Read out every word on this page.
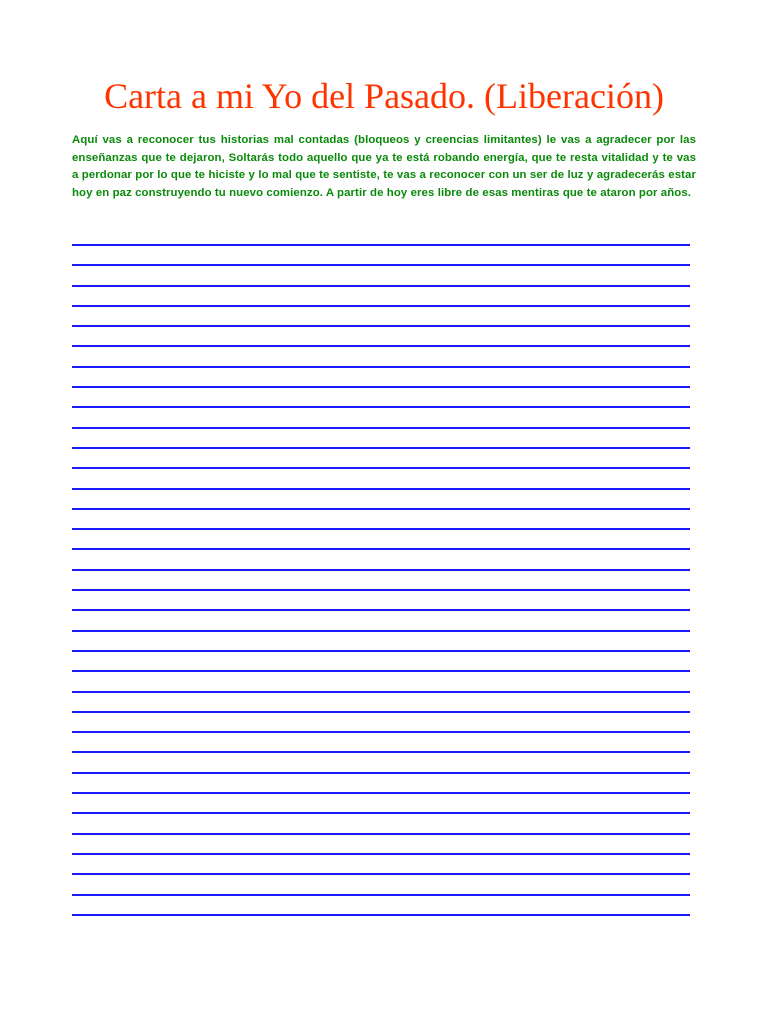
Carta a mi Yo del Pasado. (Liberación)

Aquí vas a reconocer tus historias mal contadas (bloqueos y creencias limitantes) le vas a agradecer por las enseñanzas que te dejaron, Soltarás todo aquello que ya te está robando energía, que te resta vitalidad y te vas a perdonar por lo que te hiciste y lo mal que te sentiste, te vas a reconocer con un ser de luz y agradecerás estar hoy en paz construyendo tu nuevo comienzo. A partir de hoy eres libre de esas mentiras que te ataron por años.
